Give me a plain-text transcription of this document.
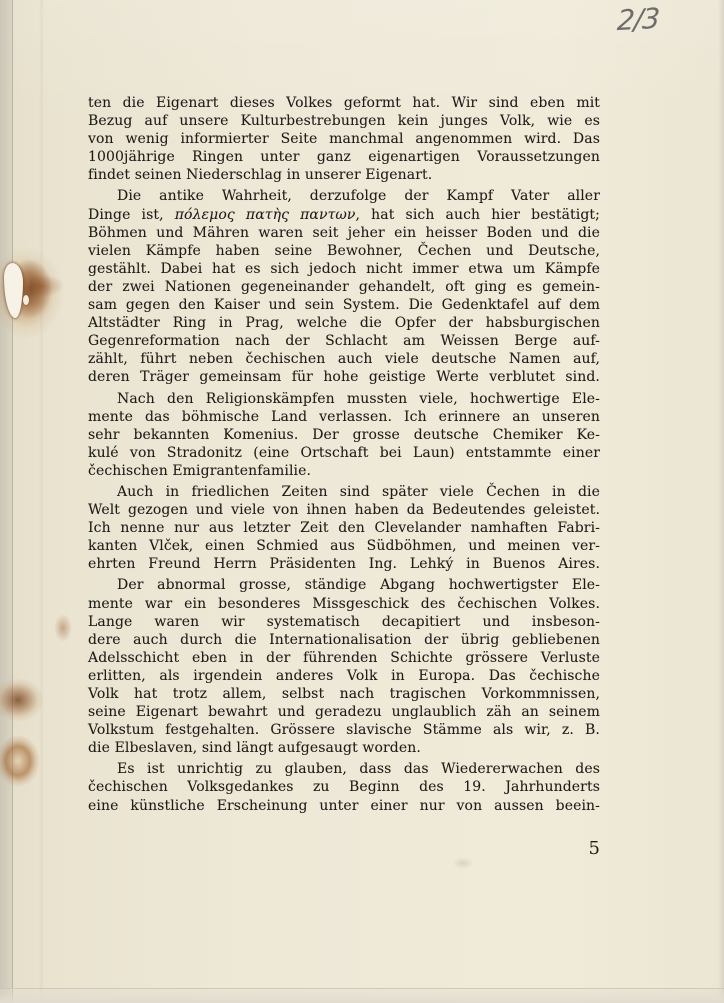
2/3
ten die Eigenart dieses Volkes geformt hat. Wir sind eben mit
Bezug auf unsere Kulturbestrebungen kein junges Volk, wie es
von wenig informierter Seite manchmal angenommen wird. Das
1000jährige Ringen unter ganz eigenartigen Voraussetzungen
findet seinen Niederschlag in unserer Eigenart.
Die antike Wahrheit, derzufolge der Kampf Vater aller
Dinge ist, πόλεμος πατὴς παντων, hat sich auch hier bestätigt;
Böhmen und Mähren waren seit jeher ein heisser Boden und die
vielen Kämpfe haben seine Bewohner, Čechen und Deutsche,
gestählt. Dabei hat es sich jedoch nicht immer etwa um Kämpfe
der zwei Nationen gegeneinander gehandelt, oft ging es gemein-
sam gegen den Kaiser und sein System. Die Gedenktafel auf dem
Altstädter Ring in Prag, welche die Opfer der habsburgischen
Gegenreformation nach der Schlacht am Weissen Berge auf-
zählt, führt neben čechischen auch viele deutsche Namen auf,
deren Träger gemeinsam für hohe geistige Werte verblutet sind.
Nach den Religionskämpfen mussten viele, hochwertige Ele-
mente das böhmische Land verlassen. Ich erinnere an unseren
sehr bekannten Komenius. Der grosse deutsche Chemiker Ke-
kulé von Stradonitz (eine Ortschaft bei Laun) entstammte einer
čechischen Emigrantenfamilie.
Auch in friedlichen Zeiten sind später viele Čechen in die
Welt gezogen und viele von ihnen haben da Bedeutendes geleistet.
Ich nenne nur aus letzter Zeit den Clevelander namhaften Fabri-
kanten Vlček, einen Schmied aus Südböhmen, und meinen ver-
ehrten Freund Herrn Präsidenten Ing. Lehký in Buenos Aires.
Der abnormal grosse, ständige Abgang hochwertigster Ele-
mente war ein besonderes Missgeschick des čechischen Volkes.
Lange waren wir systematisch decapitiert und insbeson-
dere auch durch die Internationalisation der übrig gebliebenen
Adelsschicht eben in der führenden Schichte grössere Verluste
erlitten, als irgendein anderes Volk in Europa. Das čechische
Volk hat trotz allem, selbst nach tragischen Vorkommnissen,
seine Eigenart bewahrt und geradezu unglaublich zäh an seinem
Volkstum festgehalten. Grössere slavische Stämme als wir, z. B.
die Elbeslaven, sind längt aufgesaugt worden.
Es ist unrichtig zu glauben, dass das Wiedererwachen des
čechischen Volksgedankes zu Beginn des 19. Jahrhunderts
eine künstliche Erscheinung unter einer nur von aussen beein-
5
